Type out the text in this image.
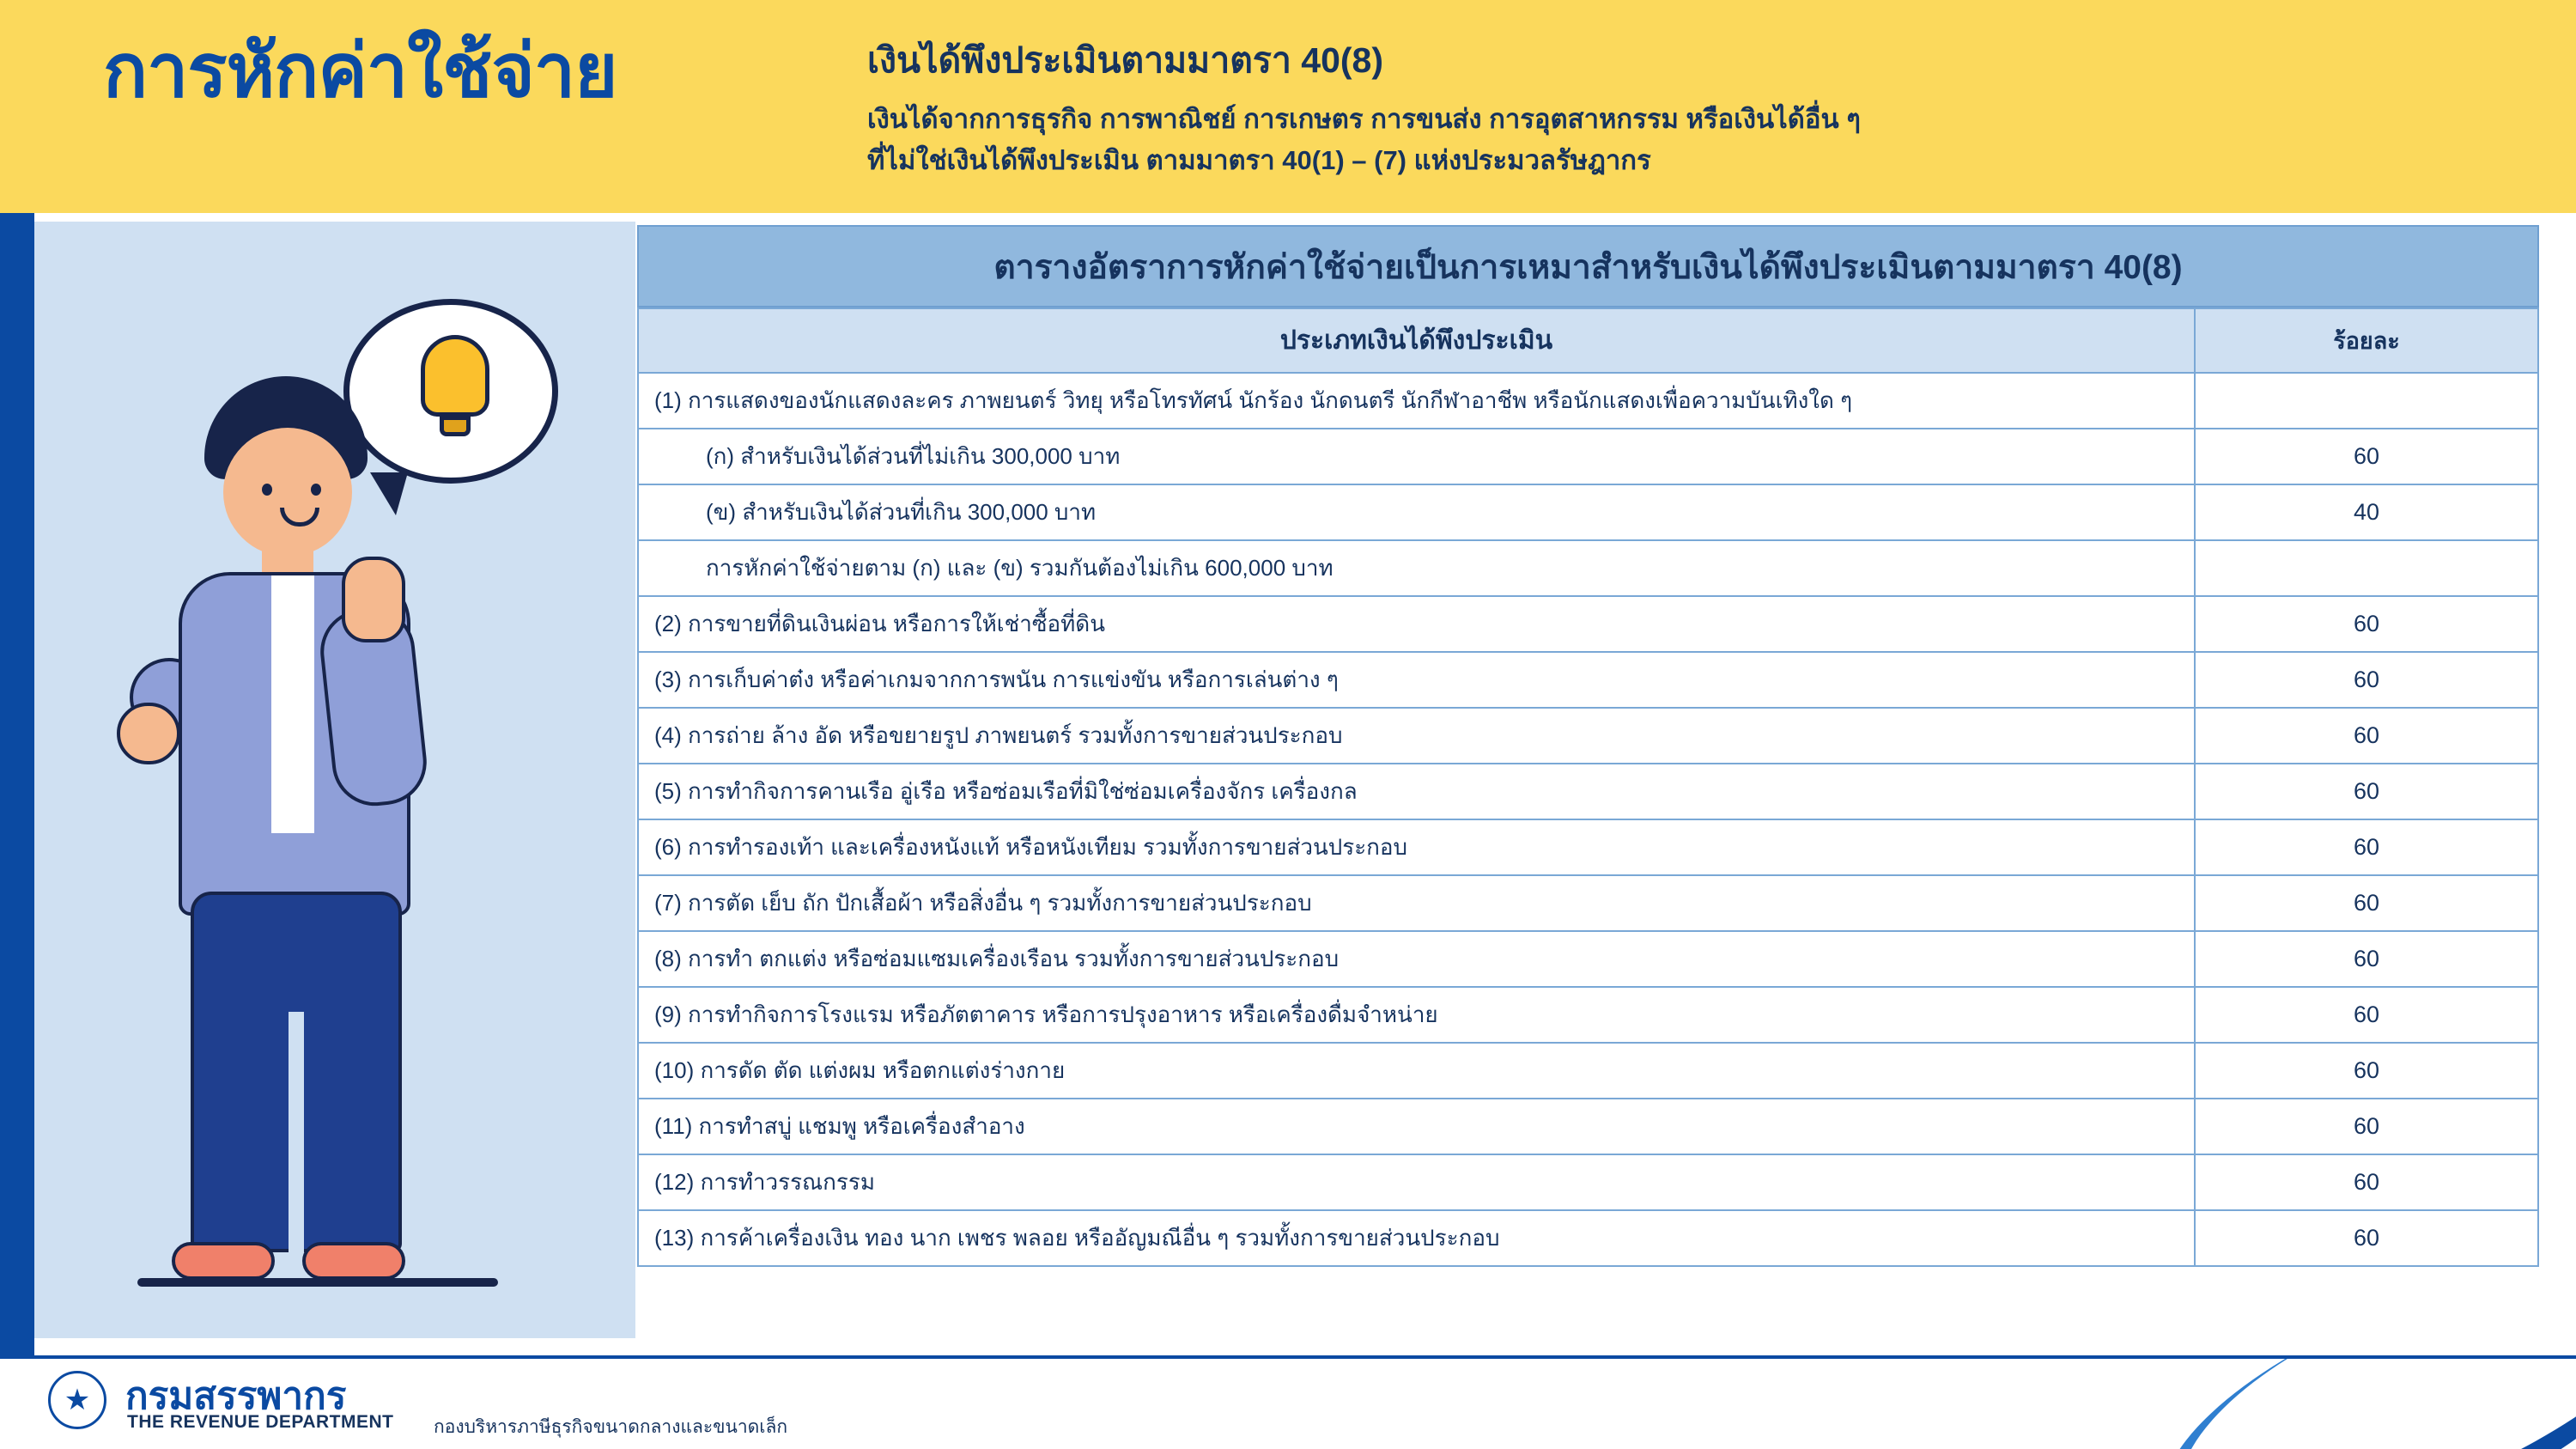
การหักค่าใช้จ่าย	เงินได้พึงประเมินตามมาตรา 40(8)
เงินได้จากการธุรกิจ การพาณิชย์ การเกษตร การขนส่ง การอุตสาหกรรม หรือเงินได้อื่น ๆ
ที่ไม่ใช่เงินได้พึงประเมิน ตามมาตรา 40(1) – (7) แห่งประมวลรัษฎากร
ตารางอัตราการหักค่าใช้จ่ายเป็นการเหมาสำหรับเงินได้พึงประเมินตามมาตรา 40(8)
ประเภทเงินได้พึงประเมิน	ร้อยละ
(1) การแสดงของนักแสดงละคร ภาพยนตร์ วิทยุ หรือโทรทัศน์ นักร้อง นักดนตรี นักกีฬาอาชีพ หรือนักแสดงเพื่อความบันเทิงใด ๆ	
(ก) สำหรับเงินได้ส่วนที่ไม่เกิน 300,000 บาท	60
(ข) สำหรับเงินได้ส่วนที่เกิน 300,000 บาท	40
การหักค่าใช้จ่ายตาม (ก) และ (ข) รวมกันต้องไม่เกิน 600,000 บาท	
(2) การขายที่ดินเงินผ่อน หรือการให้เช่าซื้อที่ดิน	60
(3) การเก็บค่าต๋ง หรือค่าเกมจากการพนัน การแข่งขัน หรือการเล่นต่าง ๆ	60
(4) การถ่าย ล้าง อัด หรือขยายรูป ภาพยนตร์ รวมทั้งการขายส่วนประกอบ	60
(5) การทำกิจการคานเรือ อู่เรือ หรือซ่อมเรือที่มิใช่ซ่อมเครื่องจักร เครื่องกล	60
(6) การทำรองเท้า และเครื่องหนังแท้ หรือหนังเทียม รวมทั้งการขายส่วนประกอบ	60
(7) การตัด เย็บ ถัก ปักเสื้อผ้า หรือสิ่งอื่น ๆ รวมทั้งการขายส่วนประกอบ	60
(8) การทำ ตกแต่ง หรือซ่อมแซมเครื่องเรือน รวมทั้งการขายส่วนประกอบ	60
(9) การทำกิจการโรงแรม หรือภัตตาคาร หรือการปรุงอาหาร หรือเครื่องดื่มจำหน่าย	60
(10) การดัด ตัด แต่งผม หรือตกแต่งร่างกาย	60
(11) การทำสบู่ แชมพู หรือเครื่องสำอาง	60
(12) การทำวรรณกรรม	60
(13) การค้าเครื่องเงิน ทอง นาก เพชร พลอย หรืออัญมณีอื่น ๆ รวมทั้งการขายส่วนประกอบ	60
★ กรมสรรพากร
THE REVENUE DEPARTMENT กองบริหารภาษีธุรกิจขนาดกลางและขนาดเล็ก
